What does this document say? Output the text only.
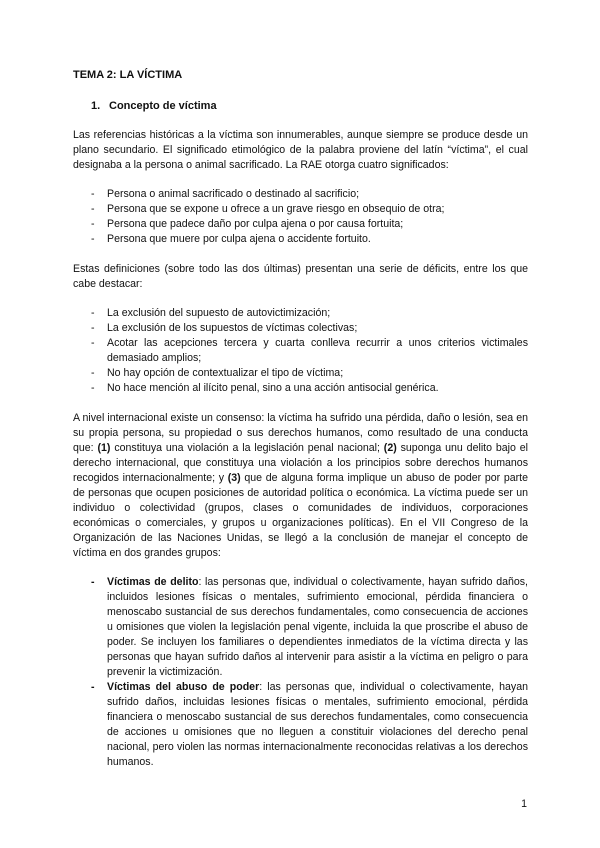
TEMA 2: LA VÍCTIMA
1. Concepto de víctima

Las referencias históricas a la víctima son innumerables, aunque siempre se produce desde un plano secundario. El significado etimológico de la palabra proviene del latín “víctima”, el cual designaba a la persona o animal sacrificado. La RAE otorga cuatro significados:

- Persona o animal sacrificado o destinado al sacrificio;
- Persona que se expone u ofrece a un grave riesgo en obsequio de otra;
- Persona que padece daño por culpa ajena o por causa fortuita;
- Persona que muere por culpa ajena o accidente fortuito.

Estas definiciones (sobre todo las dos últimas) presentan una serie de déficits, entre los que cabe destacar:

- La exclusión del supuesto de autovictimización;
- La exclusión de los supuestos de víctimas colectivas;
- Acotar las acepciones tercera y cuarta conlleva recurrir a unos criterios victimales demasiado amplios;
- No hay opción de contextualizar el tipo de víctima;
- No hace mención al ilícito penal, sino a una acción antisocial genérica.

A nivel internacional existe un consenso: la víctima ha sufrido una pérdida, daño o lesión, sea en su propia persona, su propiedad o sus derechos humanos, como resultado de una conducta que: (1) constituya una violación a la legislación penal nacional; (2) suponga unu delito bajo el derecho internacional, que constituya una violación a los principios sobre derechos humanos recogidos internacionalmente; y (3) que de alguna forma implique un abuso de poder por parte de personas que ocupen posiciones de autoridad política o económica. La víctima puede ser un individuo o colectividad (grupos, clases o comunidades de individuos, corporaciones económicas o comerciales, y grupos u organizaciones políticas). En el VII Congreso de la Organización de las Naciones Unidas, se llegó a la conclusión de manejar el concepto de víctima en dos grandes grupos:

- Víctimas de delito: las personas que, individual o colectivamente, hayan sufrido daños, incluidos lesiones físicas o mentales, sufrimiento emocional, pérdida financiera o menoscabo sustancial de sus derechos fundamentales, como consecuencia de acciones u omisiones que violen la legislación penal vigente, incluida la que proscribe el abuso de poder. Se incluyen los familiares o dependientes inmediatos de la víctima directa y las personas que hayan sufrido daños al intervenir para asistir a la víctima en peligro o para prevenir la victimización.
- Víctimas del abuso de poder: las personas que, individual o colectivamente, hayan sufrido daños, incluidas lesiones físicas o mentales, sufrimiento emocional, pérdida financiera o menoscabo sustancial de sus derechos fundamentales, como consecuencia de acciones u omisiones que no lleguen a constituir violaciones del derecho penal nacional, pero violen las normas internacionalmente reconocidas relativas a los derechos humanos.
1
